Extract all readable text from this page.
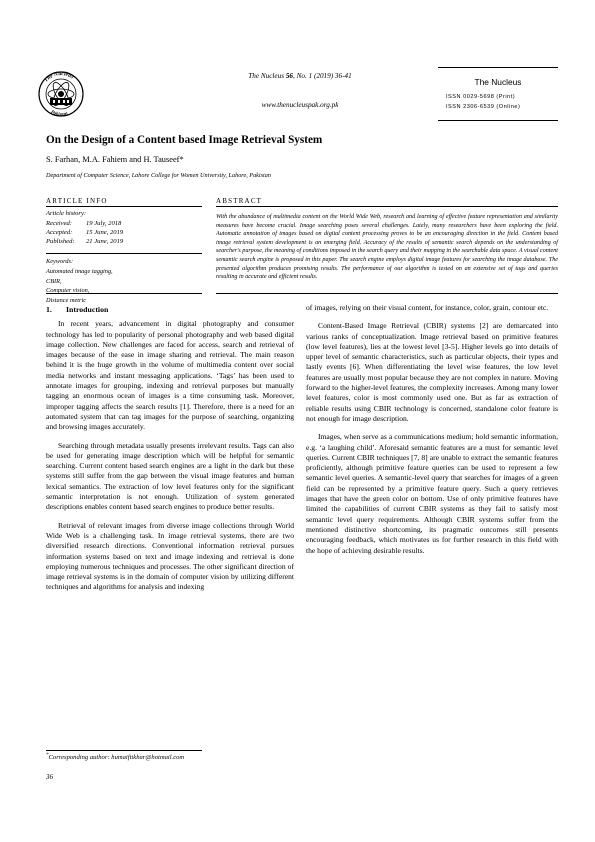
The Nucleus
Pakistan
The Nucleus 56, No. 1 (2019) 36-41
www.thenucleuspak.org.pk
The Nucleus
ISSN 0029-5698 (Print)
ISSN 2306-6539 (Online)
On the Design of a Content based Image Retrieval System
S. Farhan, M.A. Fahiem and H. Tauseef*
Department of Computer Science, Lahore College for Women University, Lahore, Pakistan
ARTICLE INFO
Article history:
Received: 19 July, 2018
Accepted: 15 June, 2019
Published: 21 June, 2019
Keywords:
Automated image tagging,
CBIR,
Computer vision,
Distance metric
ABSTRACT
With the abundance of multimedia content on the World Wide Web, research and learning of effective feature representation and similarity measures have become crucial. Image searching poses several challenges. Lately, many researchers have been exploring the field. Automatic annotation of images based on digital content processing proves to be an encouraging direction in the field. Content based image retrieval system development is an emerging field. Accuracy of the results of semantic search depends on the understanding of searcher's purpose, the meaning of conditions imposed in the search query and their mapping in the searchable data space. A visual content semantic search engine is proposed in this paper. The search engine employs digital image features for searching the image database. The presented algorithm produces promising results. The performance of our algorithm is tested on an extensive set of tags and queries resulting in accurate and efficient results.
1. Introduction

In recent years, advancement in digital photography and consumer technology has led to popularity of personal photography and web based digital image collection. New challenges are faced for access, search and retrieval of images because of the ease in image sharing and retrieval. The main reason behind it is the huge growth in the volume of multimedia content over social media networks and instant messaging applications. ‘Tags’ has been used to annotate images for grouping, indexing and retrieval purposes but manually tagging an enormous ocean of images is a time consuming task. Moreover, improper tagging affects the search results [1]. Therefore, there is a need for an automated system that can tag images for the purpose of searching, organizing and browsing images accurately.

Searching through metadata usually presents irrelevant results. Tags can also be used for generating image description which will be helpful for semantic searching. Current content based search engines are a light in the dark but these systems still suffer from the gap between the visual image features and human lexical semantics. The extraction of low level features only for the significant semantic interpretation is not enough. Utilization of system generated descriptions enables content based search engines to produce better results.

Retrieval of relevant images from diverse image collections through World Wide Web is a challenging task. In image retrieval systems, there are two diversified research directions. Conventional information retrieval pursues information systems based on text and image indexing and retrieval is done employing numerous techniques and processes. The other significant direction of image retrieval systems is in the domain of computer vision by utilizing different techniques and algorithms for analysis and indexing

of images, relying on their visual content, for instance, color, grain, contour etc.

Content-Based Image Retrieval (CBIR) systems [2] are demarcated into various ranks of conceptualization. Image retrieval based on primitive features (low level features), lies at the lowest level [3-5]. Higher levels go into details of upper level of semantic characteristics, such as particular objects, their types and lastly events [6]. When differentiating the level wise features, the low level features are usually most popular because they are not complex in nature. Moving forward to the higher-level features, the complexity increases. Among many lower level features, color is most commonly used one. But as far as extraction of reliable results using CBIR technology is concerned, standalone color feature is not enough for image description.

Images, when serve as a communications medium; hold semantic information, e.g. ‘a laughing child’. Aforesaid semantic features are a must for semantic level queries. Current CBIR techniques [7, 8] are unable to extract the semantic features proficiently, although primitive feature queries can be used to represent a few semantic level queries. A semantic-level query that searches for images of a green field can be represented by a primitive feature query. Such a query retrieves images that have the green color on bottom. Use of only primitive features have limited the capabilities of current CBIR systems as they fail to satisfy most semantic level query requirements. Although CBIR systems suffer from the mentioned distinctive shortcoming, its pragmatic outcomes still presents encouraging feedback, which motivates us for further research in this field with the hope of achieving desirable results.

*Corresponding author: humaiftikhar@hotmail.com
36
